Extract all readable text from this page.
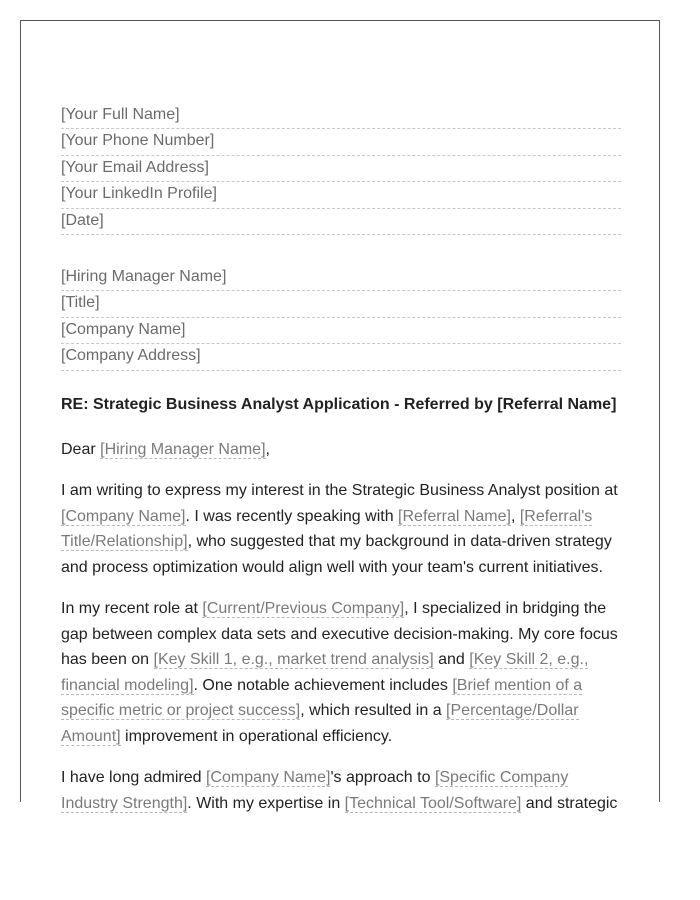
[Your Full Name]
[Your Phone Number]
[Your Email Address]
[Your LinkedIn Profile]
[Date]
[Hiring Manager Name]
[Title]
[Company Name]
[Company Address]
RE: Strategic Business Analyst Application - Referred by [Referral Name]

Dear [Hiring Manager Name],

I am writing to express my interest in the Strategic Business Analyst position at [Company Name]. I was recently speaking with [Referral Name], [Referral's Title/Relationship], who suggested that my background in data-driven strategy and process optimization would align well with your team's current initiatives.

In my recent role at [Current/Previous Company], I specialized in bridging the gap between complex data sets and executive decision-making. My core focus has been on [Key Skill 1, e.g., market trend analysis] and [Key Skill 2, e.g., financial modeling]. One notable achievement includes [Brief mention of a specific metric or project success], which resulted in a [Percentage/Dollar Amount] improvement in operational efficiency.

I have long admired [Company Name]'s approach to [Specific Company Industry Strength]. With my expertise in [Technical Tool/Software] and strategic
